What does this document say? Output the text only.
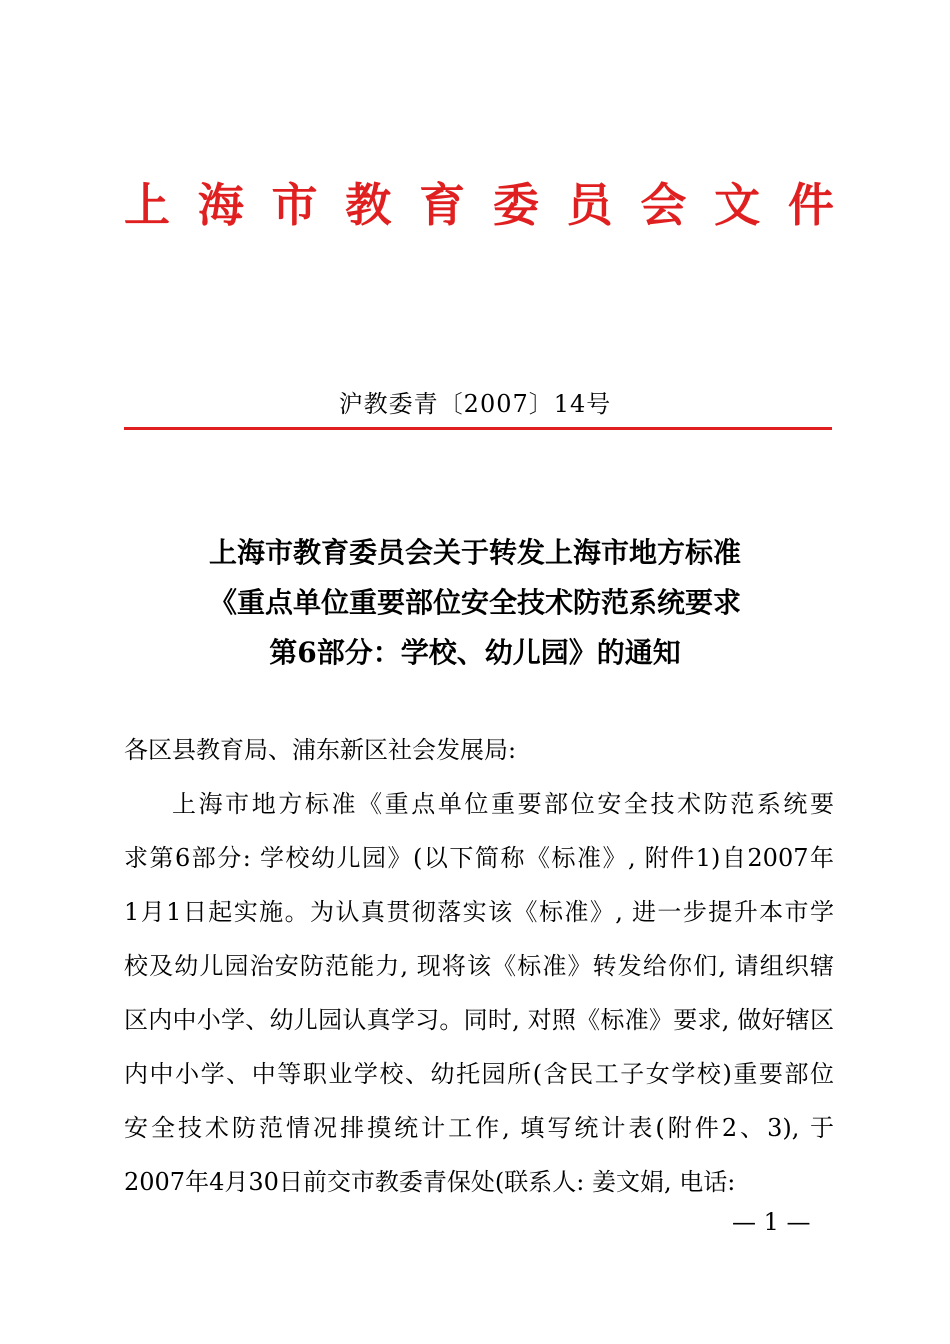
上 海 市 教 育 委 员 会 文 件
沪教委青〔2007〕14号
上海市教育委员会关于转发上海市地方标准
《重点单位重要部位安全技术防范系统要求
第6部分：学校、幼儿园》的通知
各区县教育局、浦东新区社会发展局:
上海市地方标准《重点单位重要部位安全技术防范系统要
求第6部分: 学校幼儿园》(以下简称《标准》, 附件1)自2007年
1月1日起实施。为认真贯彻落实该《标准》, 进一步提升本市学
校及幼儿园治安防范能力, 现将该《标准》转发给你们, 请组织辖
区内中小学、幼儿园认真学习。同时, 对照《标准》要求, 做好辖区
内中小学、中等职业学校、幼托园所(含民工子女学校)重要部位
安全技术防范情况排摸统计工作, 填写统计表(附件2、3), 于
2007年4月30日前交市教委青保处(联系人: 姜文娟, 电话:
— 1 —
